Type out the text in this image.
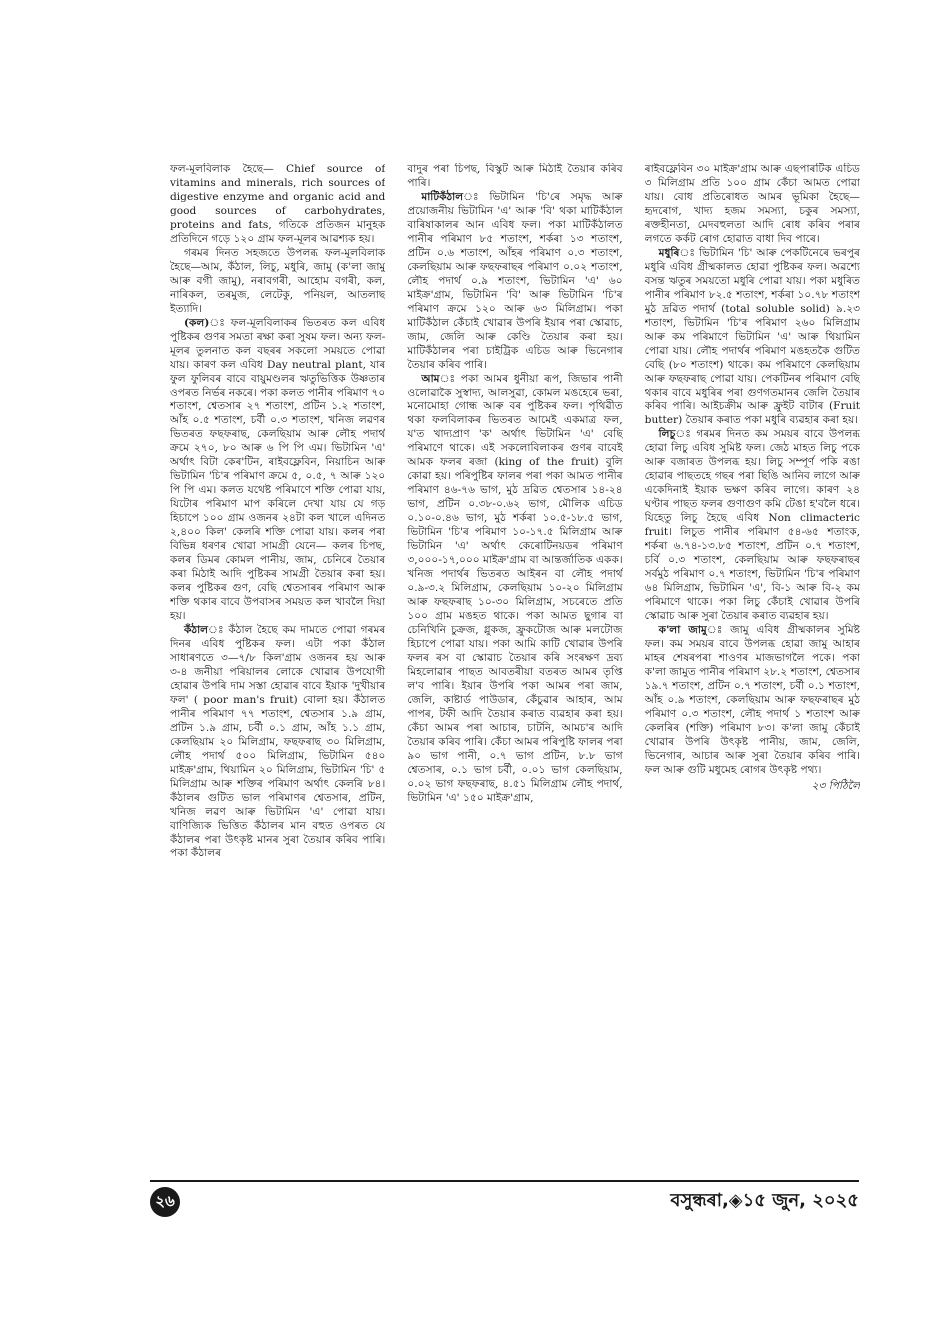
ফল-মূলবিলাক হৈছে— Chief source of vitamins and minerals, rich sources of digestive enzyme and organic acid and good sources of carbohydrates, proteins and fats, গতিকে প্ৰতিজন মানুহক প্ৰতিদিনে গড়ে ১২০ গ্ৰাম ফল-মূলৰ আৱশ্যক হয়।

গৰমৰ দিনত সহজতে উপলব্ধ ফল-মূলবিলাক হৈছে—আম, কঁঠাল, লিচু, মধুৰি, জামু (ক'লা জামু আৰু বগী জামু), নৰাবগৰী, আহোম বগৰী, কল, নাৰিকল, তৰমুজ, লেটেকু, পনিয়ল, আতলাছ ইত্যাদি।

(কল)ঃ ফল-মূলবিলাকৰ ভিতৰত কল এবিধ পুষ্টিকৰ গুণৰ সমতা ৰক্ষা কৰা সুষম ফল। অন্য ফল-মূলৰ তুলনাত কল বছৰৰ সকলো সময়তে পোৱা যায়। কাৰণ কল এবিধ Day neutral plant, যাৰ ফুল ফুলিবৰ বাবে বায়ুমণ্ডলৰ ঋতুভিত্তিক উষ্ণতাৰ ওপৰত নিৰ্ভৰ নকৰে। পকা কলত পানীৰ পৰিমাণ ৭০ শতাংশ, শ্বেতসাৰ ২৭ শতাংশ, প্ৰটিন ১.২ শতাংশ, আঁহ ০.৫ শতাংশ, চৰ্বী ০.৩ শতাংশ, খনিজ লৱণৰ ভিতৰত ফছফৰাছ, কেলছিয়াম আৰু লৌহ পদাৰ্থ ক্ৰমে ২৭০, ৮০ আৰু ৬ পি পি এম। ভিটামিন 'এ' অৰ্থাৎ বিটা কেৰ'টিন, ৰাইবফ্লেবিন, নিয়াচিন আৰু ভিটামিন 'চি'ৰ পৰিমাণ ক্ৰমে ৫, ০.৫, ৭ আৰু ১২০ পি পি এম। কলত যথেষ্ট পৰিমাণে শক্তি পোৱা যায়, যিটোৰ পৰিমাণ মাপ কৰিলে দেখা যায় যে গড় হিচাপে ১০০ গ্ৰাম ওজনৰ ২৪টা কল খালে এদিনত ২,৪০০ কিল' কেলৰি শক্তি পোৱা যায়। কলৰ পৰা বিভিন্ন ধৰণৰ খোৱা সামগ্ৰী যেনে— কলৰ চিপছ, কলৰ ডিমৰ কোমল পানীয়, জাম, চেনিৰে তৈয়াৰ কৰা মিঠাই আদি পুষ্টিকৰ সামগ্ৰী তৈয়াৰ কৰা হয়। কলৰ পুষ্টিকৰ গুণ, বেছি শ্বেতসাৰৰ পৰিমাণ আৰু শক্তি থকাৰ বাবে উপবাসৰ সময়ত কল খাবলৈ দিয়া হয়।

কঁঠালঃ কঁঠাল হৈছে কম দামতে পোৱা গৰমৰ দিনৰ এবিধ পুষ্টিকৰ ফল। এটা পকা কঁঠাল সাধাৰণতে ৩—৭/৮ কিল'গ্ৰাম ওজনৰ হয় আৰু ৩-৪ জনীয়া পৰিয়ালৰ লোকে খোৱাৰ উপযোগী হোৱাৰ উপৰি দাম সস্তা হোৱাৰ বাবে ইয়াক 'দুখীয়াৰ ফল' ( poor man's fruit) বোলা হয়। কঁঠালত পানীৰ পৰিমাণ ৭৭ শতাংশ, শ্বেতসাৰ ১.৯ গ্ৰাম, প্ৰটিন ১.৯ গ্ৰাম, চৰ্বী ০.১ গ্ৰাম, আঁহ ১.১ গ্ৰাম, কেলছিয়াম ২০ মিলিগ্ৰাম, ফছফৰাছ ৩০ মিলিগ্ৰাম, লৌহ পদাৰ্থ ৫০০ মিলিগ্ৰাম, ভিটামিন ৫৪০ মাইক্ৰ'গ্ৰাম, থিয়ামিন ২০ মিলিগ্ৰাম, ভিটামিন 'চি' ৫ মিলিগ্ৰাম আৰু শক্তিৰ পৰিমাণ অৰ্থাৎ কেলৰি ৮৪। কঁঠালৰ গুটিত ভাল পৰিমাণৰ শ্বেতসাৰ, প্ৰটিন, খনিজ লৱণ আৰু ভিটামিন 'এ' পোৱা যায়। বাণিজ্যিক ভিত্তিত কঁঠালৰ মান বহুত ওপৰত যে কঁঠালৰ পৰা উৎকৃষ্ট মানৰ সুৰা তৈয়াৰ কৰিব পাৰি। পকা কঁঠালৰ

বাদুৰ পৰা চিপছ, বিস্কুট আৰু মিঠাই তৈয়াৰ কৰিব পাৰি।

মাটিকঁঠালঃ ভিটামিন 'চি'ৰে সমৃদ্ধ আৰু প্ৰয়োজনীয় ভিটামিন 'এ' আৰু 'বি' থকা মাটিকঁঠাল বাৰিষাকালৰ আন এবিধ ফল। পকা মাটিকঁঠালত পানীৰ পৰিমাণ ৮৫ শতাংশ, শৰ্কৰা ১৩ শতাংশ, প্ৰটিন ০.৬ শতাংশ, আঁহৰ পৰিমাণ ০.৩ শতাংশ, কেলছিয়াম আৰু ফছফৰাছৰ পৰিমাণ ০.০২ শতাংশ, লৌহ পদাৰ্থ ০.৯ শতাংশ, ভিটামিন 'এ' ৬০ মাইক্ৰ'গ্ৰাম, ভিটামিন 'বি' আৰু ভিটামিন 'চি'ৰ পৰিমাণ ক্ৰমে ১২০ আৰু ৬৩ মিলিগ্ৰাম। পকা মাটিকঁঠাল কেঁচাই খোৱাৰ উপৰি ইয়াৰ পৰা স্কোৱাচ, জাম, জেলি আৰু কেণ্ডি তৈয়াৰ কৰা হয়। মাটিকঁঠালৰ পৰা চাইট্ৰিক এচিড আৰু ভিনেগাৰ তৈয়াৰ কৰিব পাৰি।

আমঃ পকা আমৰ ধুনীয়া ৰূপ, জিভাৰ পানী ওলোৱাকৈ সুস্বাদ্য, আলসুৱা, কোমল মঙহেৰে ভৰা, মনোমোহা গোন্ধ আৰু বৰ পুষ্টিকৰ ফল। পৃথিৱীত থকা ফলবিলাকৰ ভিতৰত আমেই একমাত্ৰ ফল, য'ত খাদ্যপ্ৰাণ 'ক' অৰ্থাৎ ভিটামিন 'এ' বেছি পৰিমাণে থাকে। এই সকলোবিলাকৰ গুণৰ বাবেই আমক ফলৰ ৰজা (king of the fruit) বুলি কোৱা হয়। পৰিপুষ্টিৰ ফালৰ পৰা পকা আমত পানীৰ পৰিমাণ ৪৬-৭৬ ভাগ, মুঠ দ্ৰৱিত শ্বেতসাৰ ১৪-২৪ ভাগ, প্ৰটিন ০.৩৮-০.৬২ ভাগ, মৌলিক এচিড ০.১০-০.৪৬ ভাগ, মুঠ শৰ্কৰা ১০.৫-১৮.৫ ভাগ, ভিটামিন 'চি'ৰ পৰিমাণ ১০-১৭.৫ মিলিগ্ৰাম আৰু ভিটামিন 'এ' অৰ্থাৎ কেৰোটিনয়ডৰ পৰিমাণ ৩,০০০-১৭,০০০ মাইক্ৰ'গ্ৰাম বা আন্তৰ্জাতিক একক। খনিজ পদাৰ্থৰ ভিতৰত আইৰন বা লৌহ পদাৰ্থ ০.৯-৩.২ মিলিগ্ৰাম, কেলছিয়াম ১০-২০ মিলিগ্ৰাম আৰু ফছফৰাছ ১০-৩০ মিলিগ্ৰাম, সচৰেতে প্ৰতি ১০০ গ্ৰাম মঙহত থাকে। পকা আমত ছুগাৰ বা চেনিখিনি চুক্ৰজ, গ্লুকজ, ফ্ৰুকটোজ আৰু মলটোজ হিচাপে পোৱা যায়। পকা আমি কাটি খোৱাৰ উপৰি ফলৰ ৰস বা স্কোৱাচ তৈয়াৰ কৰি সংৰক্ষণ দ্ৰব্য মিহলোৱাৰ পাছত আবতৰীয়া বতৰত আমৰ তৃপ্তি ল'ব পাৰি। ইয়াৰ উপৰি পকা আমৰ পৰা জাম, জেলি, কাষ্টাৰ্ড পাউডাৰ, কেঁচুৱাৰ আহাৰ, আম পাপৰ, টফী আদি তৈয়াৰ কৰাত ব্যৱহাৰ কৰা হয়। কেঁচা আমৰ পৰা আচাৰ, চাটনি, আমচ'ৰ আদি তৈয়াৰ কৰিব পাৰি। কেঁচা আমৰ পৰিপুষ্টি ফালৰ পৰা ৯০ ভাগ পানী, ০.৭ ভাগ প্ৰটিন, ৮.৮ ভাগ শ্বেতসাৰ, ০.১ ভাগ চৰ্বী, ০.০১ ভাগ কেলছিয়াম, ০.০২ ভাগ ফছফৰাছ, ৪.৫১ মিলিগ্ৰাম লৌহ পদাৰ্থ, ভিটামিন 'এ' ১৫০ মাইক্ৰ'গ্ৰাম,

ৰাইবফ্লেবিন ৩০ মাইক্ৰ'গ্ৰাম আৰু এছপাৰটিক এচিড ৩ মিলিগ্ৰাম প্ৰতি ১০০ গ্ৰাম কেঁচা আমত পোৱা যায়। বোধ প্ৰতিৰোধত আমৰ ভূমিকা হৈছে— হৃদৰোগ, খাদ্য হজম সমস্যা, চকুৰ সমস্যা, ৰক্তহীনতা, মেদবহুলতা আদি ৰোধ কৰিব পৰাৰ লগতে কৰ্কট ৰোগ হোৱাত বাধা দিব পাৰে।

মধুৰিঃ ভিটামিন 'চি' আৰু পেকটিনেৰে ভৰপুৰ মধুৰি এবিধ গ্ৰীষ্মকালত হোৱা পুষ্টিকৰ ফল। অৱশ্যে বসন্ত ঋতুৰ সময়তো মধুৰি পোৱা যায়। পকা মধুৰিত পানীৰ পৰিমাণ ৮২.৫ শতাংশ, শৰ্কৰা ১০.৭৮ শতাংশ মুঠ দ্ৰৱিত পদাৰ্থ (total soluble solid) ৯.২৩ শতাংশ, ভিটামিন 'চি'ৰ পৰিমাণ ২৬০ মিলিগ্ৰাম আৰু কম পৰিমাণে ভিটামিন 'এ' আৰু থিয়ামিন পোৱা যায়। লৌহ পদাৰ্থৰ পৰিমাণ মঙহতকৈ গুটিত বেছি (৮০ শতাংশ) থাকে। কম পৰিমাণে কেলছিয়াম আৰু ফছফৰাছ পোৱা যায়। পেকটিনৰ পৰিমাণ বেছি থকাৰ বাবে মধুৰিৰ পৰা গুণগতমানৰ জেলি তৈয়াৰ কৰিব পাৰি। আইচক্ৰীম আৰু ফ্ৰুইট বাটাৰ (Fruit butter) তৈয়াৰ কৰাত পকা মধুৰি ব্যৱহাৰ কৰা হয়।

লিচুঃ গৰমৰ দিনত কম সময়ৰ বাবে উপলব্ধ হোৱা লিচু এবিধ সুমিষ্ট ফল। জেঠ মাহত লিচু পকে আৰু বজাৰত উপলব্ধ হয়। লিচু সম্পূৰ্ণ পকি ৰঙা হোৱাৰ পাছতহে গছৰ পৰা ছিঙি আনিব লাগে আৰু একেদিনাই ইয়াক ভক্ষণ কৰিব লাগে। কাৰণ ২৪ ঘণ্টাৰ পাছত ফলৰ গুণাগুণ কমি টেঙা হ'বলৈ ধৰে। যিহেতু লিচু হৈছে এবিধ Non climacteric fruit। লিচুত পানীৰ পৰিমাণ ৫৪-৬৫ শতাংক, শৰ্কৰা ৬.৭৪-১৩.৮৫ শতাংশ, প্ৰটিন ০.৭ শতাংশ, চৰ্বি ০.৩ শতাংশ, কেলছিয়াম আৰু ফছফৰাছৰ সৰ্বমুঠ পৰিমাণ ০.৭ শতাংশ, ভিটামিন 'চি'ৰ পৰিমাণ ৬৪ মিলিগ্ৰাম, ভিটামিন 'এ', বি-১ আৰু বি-২ কম পৰিমাণে থাকে। পকা লিচু কেঁচাই খোৱাৰ উপৰি স্কোৱাচ আৰু সুৰা তৈয়াৰ কৰাত ব্যৱহাৰ হয়।

ক'লা জামুঃ জামু এবিধ গ্ৰীষ্মকালৰ সুমিষ্ট ফল। কম সময়ৰ বাবে উপলব্ধ হোৱা জামু আহাৰ মাহৰ শেষৰপৰা শাওণৰ মাজভাগলৈ পকে। পকা ক'লা জামুত পানীৰ পৰিমাণ ২৮.২ শতাংশ, শ্বেতসাৰ ১৯.৭ শতাংশ, প্ৰটিন ০.৭ শতাংশ, চৰ্বী ০.১ শতাংশ, আঁহ ০.৯ শতাংশ, কেলছিয়াম আৰু ফছফৰাছৰ মুঠ পৰিমাণ ০.৩ শতাংশ, লৌহ পদাৰ্থ ১ শতাংশ আৰু কেলৰিৰ (শক্তি) পৰিমাণ ৮৩। ক'লা জামু কেঁচাই খোৱাৰ উপৰি উৎকৃষ্ট পানীয়, জাম, জেলি, ভিনেগাৰ, আচাৰ আৰু সুৰা তৈয়াৰ কৰিব পাৰি। ফল আৰু গুটি মধুমেহ ৰোগৰ উৎকৃষ্ট পথ্য।

২৩ পিঠিলৈ
২৬	বসুন্ধৰা,◈১৫ জুন, ২০২৫
